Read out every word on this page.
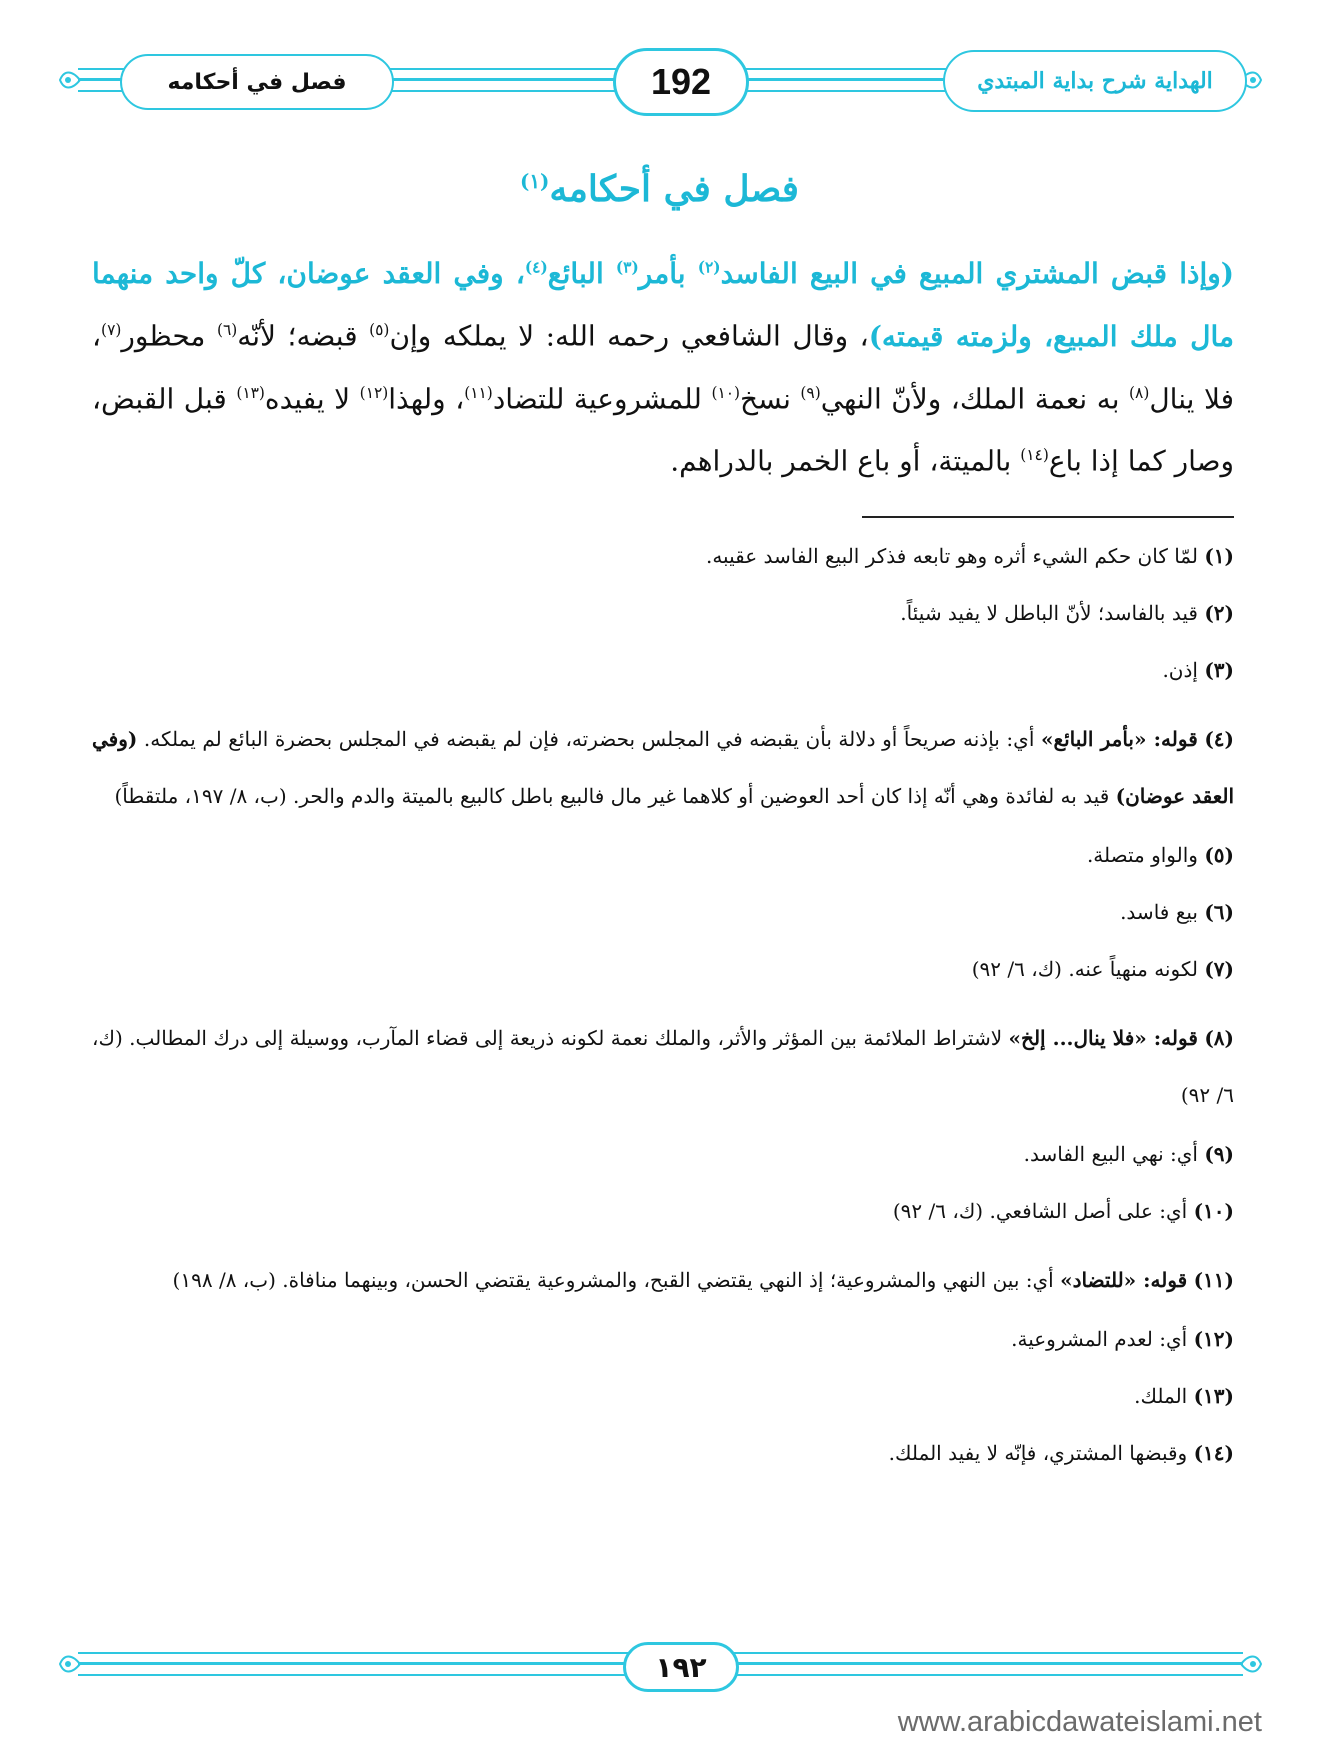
فصل في أحكامه	192	الهداية شرح بداية المبتدي
فصل في أحكامه$^{(١)}$
(وإذا قبض المشتري المبيع في البيع الفاسد$^{(٢)}$ بأمر$^{(٣)}$ البائع$^{(٤)}$، وفي العقد عوضان، كلّ واحد منهما مال ملك المبيع، ولزمته قيمته)، وقال الشافعي رحمه الله: لا يملكه وإن$^{(٥)}$ قبضه؛ لأنّه$^{(٦)}$ محظور$^{(٧)}$، فلا ينال$^{(٨)}$ به نعمة الملك، ولأنّ النهي$^{(٩)}$ نسخ$^{(١٠)}$ للمشروعية للتضاد$^{(١١)}$، ولهذا$^{(١٢)}$ لا يفيده$^{(١٣)}$ قبل القبض، وصار كما إذا باع$^{(١٤)}$ بالميتة، أو باع الخمر بالدراهم.

(١) لمّا كان حكم الشيء أثره وهو تابعه فذكر البيع الفاسد عقيبه.

(٢) قيد بالفاسد؛ لأنّ الباطل لا يفيد شيئاً.

(٣) إذن.

(٤) قوله: «بأمر البائع» أي: بإذنه صريحاً أو دلالة بأن يقبضه في المجلس بحضرته، فإن لم يقبضه في المجلس بحضرة البائع لم يملكه. (وفي العقد عوضان) قيد به لفائدة وهي أنّه إذا كان أحد العوضين أو كلاهما غير مال فالبيع باطل كالبيع بالميتة والدم والحر. (ب، ٨/ ١٩٧، ملتقطاً)

(٥) والواو متصلة.

(٦) بيع فاسد.

(٧) لكونه منهياً عنه. (ك، ٦/ ٩٢)

(٨) قوله: «فلا ينال... إلخ» لاشتراط الملائمة بين المؤثر والأثر، والملك نعمة لكونه ذريعة إلى قضاء المآرب، ووسيلة إلى درك المطالب. (ك، ٦/ ٩٢)

(٩) أي: نهي البيع الفاسد.

(١٠) أي: على أصل الشافعي. (ك، ٦/ ٩٢)

(١١) قوله: «للتضاد» أي: بين النهي والمشروعية؛ إذ النهي يقتضي القبح، والمشروعية يقتضي الحسن، وبينهما منافاة. (ب، ٨/ ١٩٨)

(١٢) أي: لعدم المشروعية.

(١٣) الملك.

(١٤) وقبضها المشتري، فإنّه لا يفيد الملك.

١٩٢
www.arabicdawateislami.net
